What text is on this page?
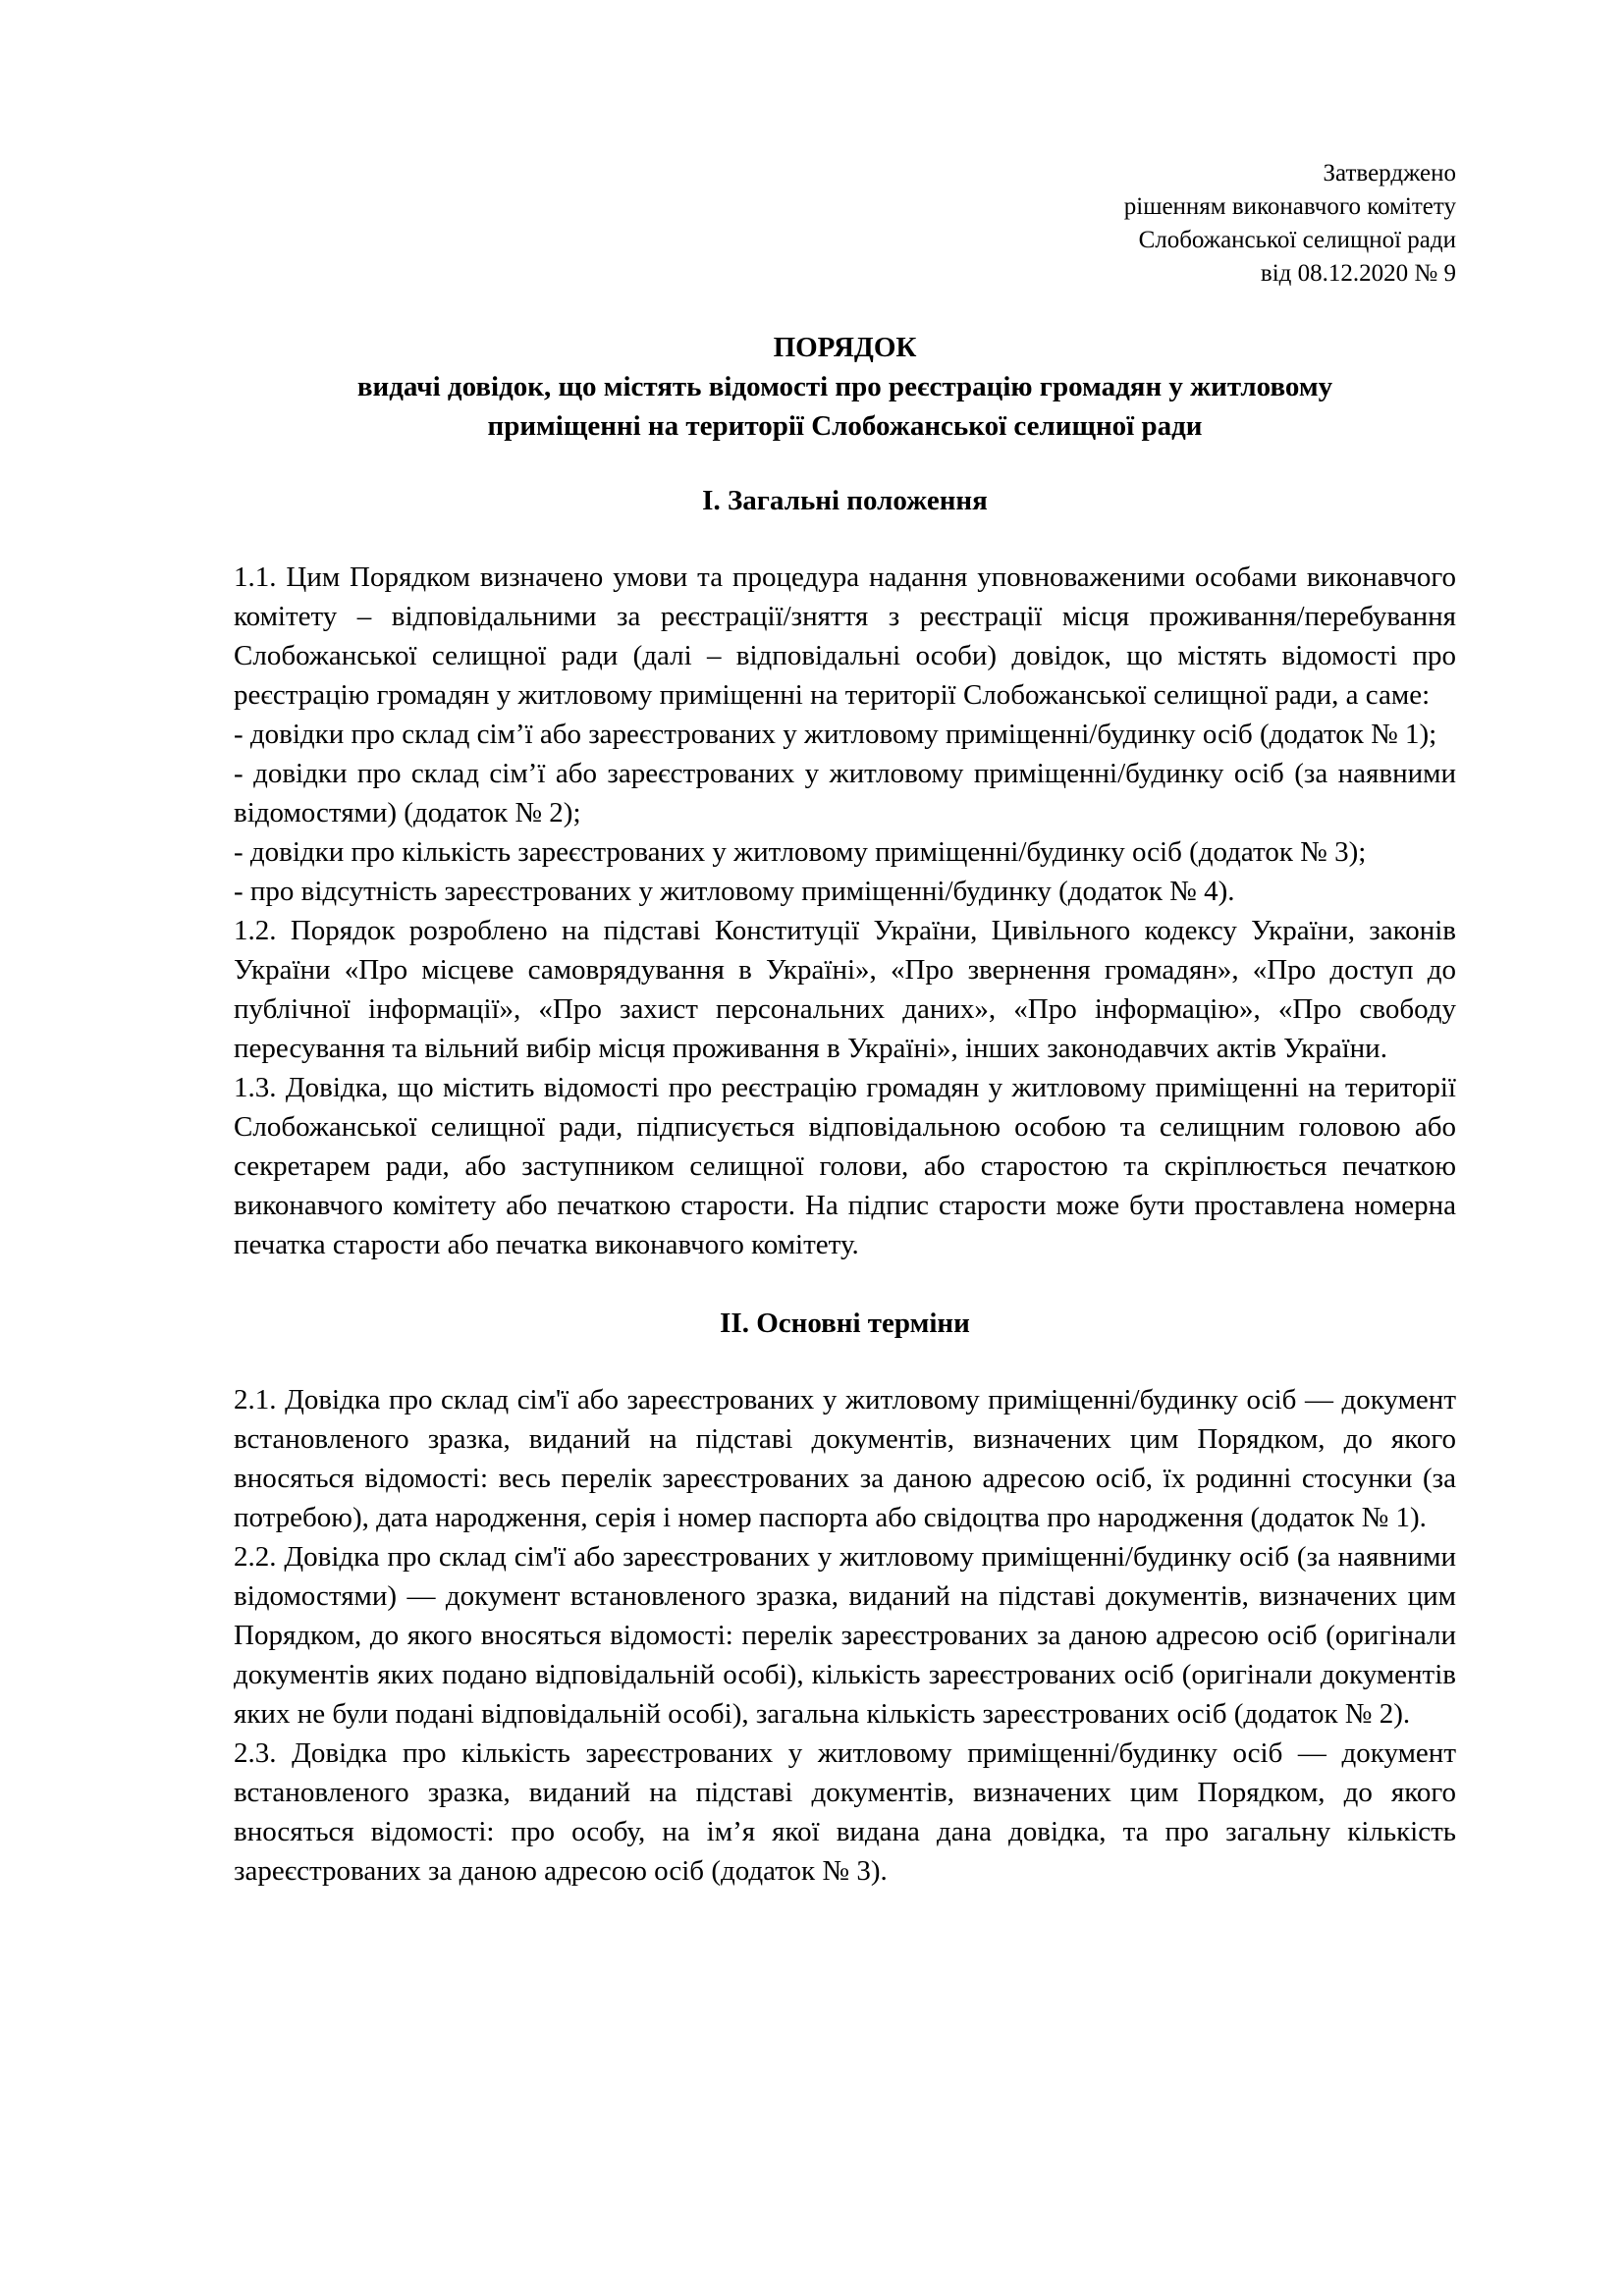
Затверджено
рішенням виконавчого комітету
Слобожанської селищної ради
від 08.12.2020 № 9
ПОРЯДОК
видачі довідок, що містять відомості про реєстрацію громадян у житловому
приміщенні на території Слобожанської селищної ради
I. Загальні положення

1.1. Цим Порядком визначено умови та процедура надання уповноваженими особами виконавчого комітету – відповідальними за реєстрації/зняття з реєстрації місця проживання/перебування Слобожанської селищної ради (далі – відповідальні особи) довідок, що містять відомості про реєстрацію громадян у житловому приміщенні на території Слобожанської селищної ради, а саме:

- довідки про склад сім’ї або зареєстрованих у житловому приміщенні/будинку осіб (додаток № 1);

- довідки про склад сім’ї або зареєстрованих у житловому приміщенні/будинку осіб (за наявними відомостями) (додаток № 2);

- довідки про кількість зареєстрованих у житловому приміщенні/будинку осіб (додаток № 3);

- про відсутність зареєстрованих у житловому приміщенні/будинку (додаток № 4).

1.2. Порядок розроблено на підставі Конституції України, Цивільного кодексу України, законів України «Про місцеве самоврядування в Україні», «Про звернення громадян», «Про доступ до публічної інформації», «Про захист персональних даних», «Про інформацію», «Про свободу пересування та вільний вибір місця проживання в Україні», інших законодавчих актів України.

1.3. Довідка, що містить відомості про реєстрацію громадян у житловому приміщенні на території Слобожанської селищної ради, підписується відповідальною особою та селищним головою або секретарем ради, або заступником селищної голови, або старостою та скріплюється печаткою виконавчого комітету або печаткою старости. На підпис старости може бути проставлена номерна печатка старости або печатка виконавчого комітету.

II. Основні терміни

2.1. Довідка про склад сім'ї або зареєстрованих у житловому приміщенні/будинку осіб — документ встановленого зразка, виданий на підставі документів, визначених цим Порядком, до якого вносяться відомості: весь перелік зареєстрованих за даною адресою осіб, їх родинні стосунки (за потребою), дата народження, серія і номер паспорта або свідоцтва про народження (додаток № 1).

2.2. Довідка про склад сім'ї або зареєстрованих у житловому приміщенні/будинку осіб (за наявними відомостями) — документ встановленого зразка, виданий на підставі документів, визначених цим Порядком, до якого вносяться відомості: перелік зареєстрованих за даною адресою осіб (оригінали документів яких подано відповідальній особі), кількість зареєстрованих осіб (оригінали документів яких не були подані відповідальній особі), загальна кількість зареєстрованих осіб (додаток № 2).

2.3. Довідка про кількість зареєстрованих у житловому приміщенні/будинку осіб — документ встановленого зразка, виданий на підставі документів, визначених цим Порядком, до якого вносяться відомості: про особу, на ім’я якої видана дана довідка, та про загальну кількість зареєстрованих за даною адресою осіб (додаток № 3).
